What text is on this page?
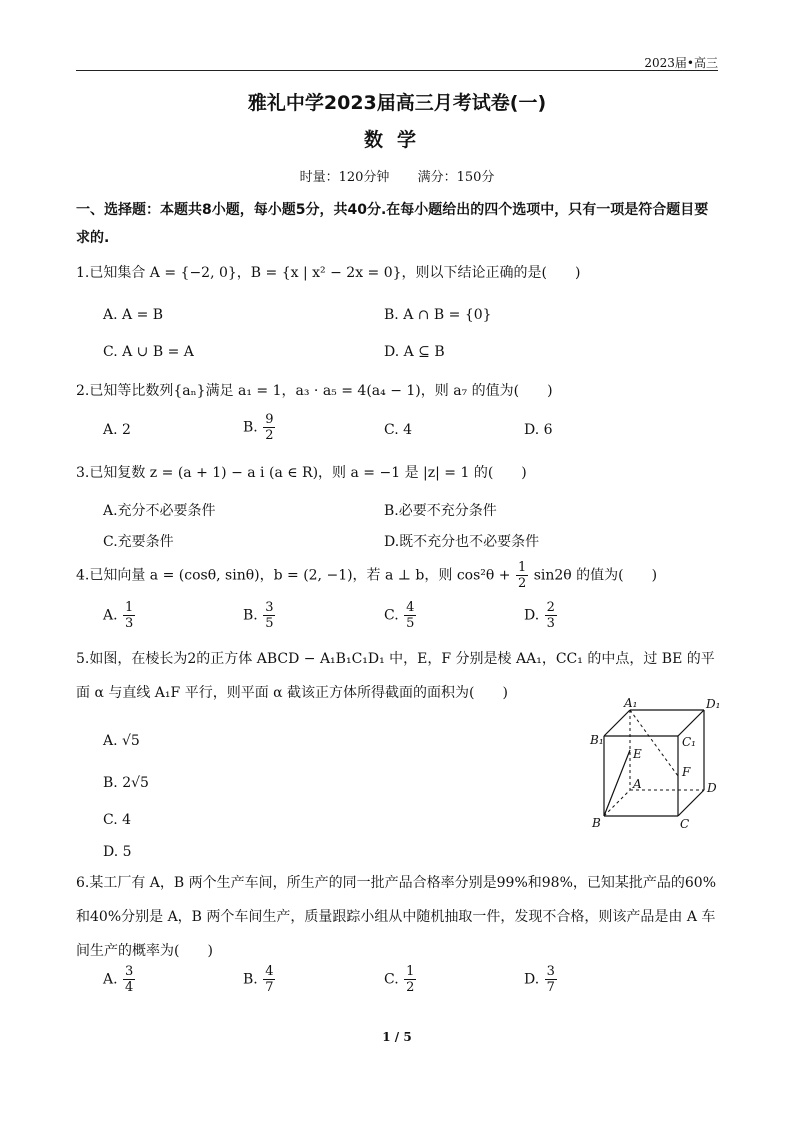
2023届•高三
雅礼中学2023届高三月考试卷(一)
数学
时量：120分钟 满分：150分
一、选择题：本题共8小题，每小题5分，共40分.在每小题给出的四个选项中，只有一项是符合题目要求的.
1.已知集合 A = {−2, 0}，B = {x | x² − 2x = 0}，则以下结论正确的是(　　)
A. A = B	B. A ∩ B = {0}
C. A ∪ B = A	D. A ⊆ B
2.已知等比数列{aₙ}满足 a₁ = 1，a₃ · a₅ = 4(a₄ − 1)，则 a₇ 的值为(　　)
A. 2	B. $\frac{9}{2}$	C. 4	D. 6
3.已知复数 z = (a + 1) − a i (a ∈ R)，则 a = −1 是 |z| = 1 的(　　)
A.充分不必要条件	B.必要不充分条件
C.充要条件	D.既不充分也不必要条件
4.已知向量 a = (cosθ, sinθ)，b = (2, −1)，若 a ⊥ b，则 $\cos^2\theta + \frac{1}{2} \sin 2\theta$ 的值为(　　)
A. $\frac{1}{3}$	B. $\frac{3}{5}$	C. $\frac{4}{5}$	D. $\frac{2}{3}$
5.如图，在棱长为2的正方体 ABCD − A₁B₁C₁D₁ 中，E，F 分别是棱 AA₁，CC₁ 的中点，过 BE 的平面 α 与直线 A₁F 平行，则平面 α 截该正方体所得截面的面积为(　　)
A. √5
B. 2√5
C. 4
D. 5
A₁	D₁
B₁	C₁
E
A
F
D
B	C
6.某工厂有 A，B 两个生产车间，所生产的同一批产品合格率分别是99%和98%，已知某批产品的60%和40%分别是 A，B 两个车间生产，质量跟踪小组从中随机抽取一件，发现不合格，则该产品是由 A 车间生产的概率为(　　)
A. $\frac{3}{4}$	B. $\frac{4}{7}$	C. $\frac{1}{2}$	D. $\frac{3}{7}$
1 / 5
